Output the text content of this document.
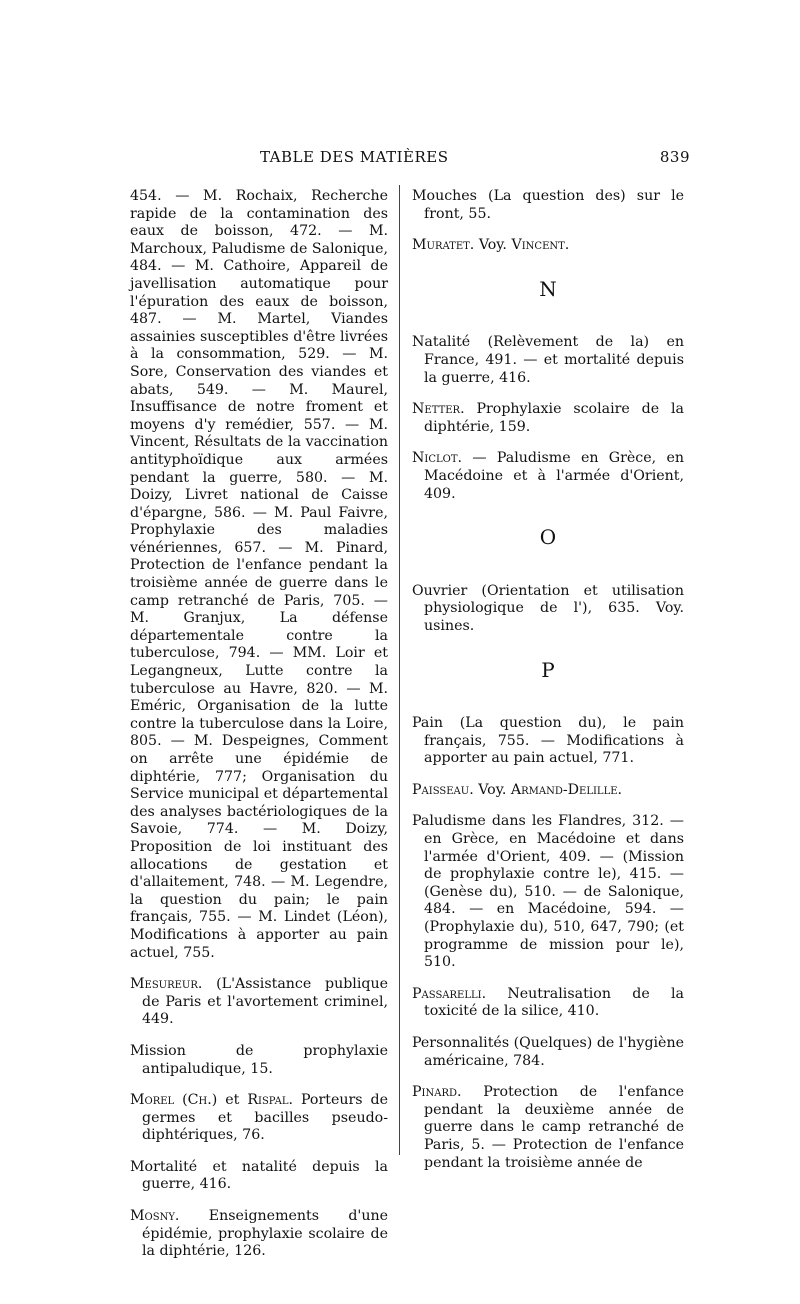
TABLE DES MATIÈRES	839

454. — M. Rochaix, Recherche rapide de la contamination des eaux de boisson, 472. — M. Marchoux, Paludisme de Salonique, 484. — M. Cathoire, Appareil de javellisation automatique pour l'épuration des eaux de boisson, 487. — M. Martel, Viandes assainies susceptibles d'être livrées à la consommation, 529. — M. Sore, Conservation des viandes et abats, 549. — M. Maurel, Insuffisance de notre froment et moyens d'y remédier, 557. — M. Vincent, Résultats de la vaccination antityphoïdique aux armées pendant la guerre, 580. — M. Doizy, Livret national de Caisse d'épargne, 586. — M. Paul Faivre, Prophylaxie des maladies vénériennes, 657. — M. Pinard, Protection de l'enfance pendant la troisième année de guerre dans le camp retranché de Paris, 705. — M. Granjux, La défense départementale contre la tuberculose, 794. — MM. Loir et Legangneux, Lutte contre la tuberculose au Havre, 820. — M. Eméric, Organisation de la lutte contre la tuberculose dans la Loire, 805. — M. Despeignes, Comment on arrête une épidémie de diphtérie, 777; Organisation du Service municipal et départemental des analyses bactériologiques de la Savoie, 774. — M. Doizy, Proposition de loi instituant des allocations de gestation et d'allaitement, 748. — M. Legendre, la question du pain; le pain français, 755. — M. Lindet (Léon), Modifications à apporter au pain actuel, 755.

Mesureur. (L'Assistance publique de Paris et l'avortement criminel, 449.

Mission de prophylaxie antipaludique, 15.

Morel (Ch.) et Rispal. Porteurs de germes et bacilles pseudo-diphtériques, 76.

Mortalité et natalité depuis la guerre, 416.

Mosny. Enseignements d'une épidémie, prophylaxie scolaire de la diphtérie, 126.

Mouches (La question des) sur le front, 55.

Muratet. Voy. Vincent.

N

Natalité (Relèvement de la) en France, 491. — et mortalité depuis la guerre, 416.

Netter. Prophylaxie scolaire de la diphtérie, 159.

Niclot. — Paludisme en Grèce, en Macédoine et à l'armée d'Orient, 409.

O

Ouvrier (Orientation et utilisation physiologique de l'), 635. Voy. usines.

P

Pain (La question du), le pain français, 755. — Modifications à apporter au pain actuel, 771.

Paisseau. Voy. Armand-Delille.

Paludisme dans les Flandres, 312. — en Grèce, en Macédoine et dans l'armée d'Orient, 409. — (Mission de prophylaxie contre le), 415. — (Genèse du), 510. — de Salonique, 484. — en Macédoine, 594. — (Prophylaxie du), 510, 647, 790; (et programme de mission pour le), 510.

Passarelli. Neutralisation de la toxicité de la silice, 410.

Personnalités (Quelques) de l'hygiène américaine, 784.

Pinard. Protection de l'enfance pendant la deuxième année de guerre dans le camp retranché de Paris, 5. — Protection de l'enfance pendant la troisième année de
